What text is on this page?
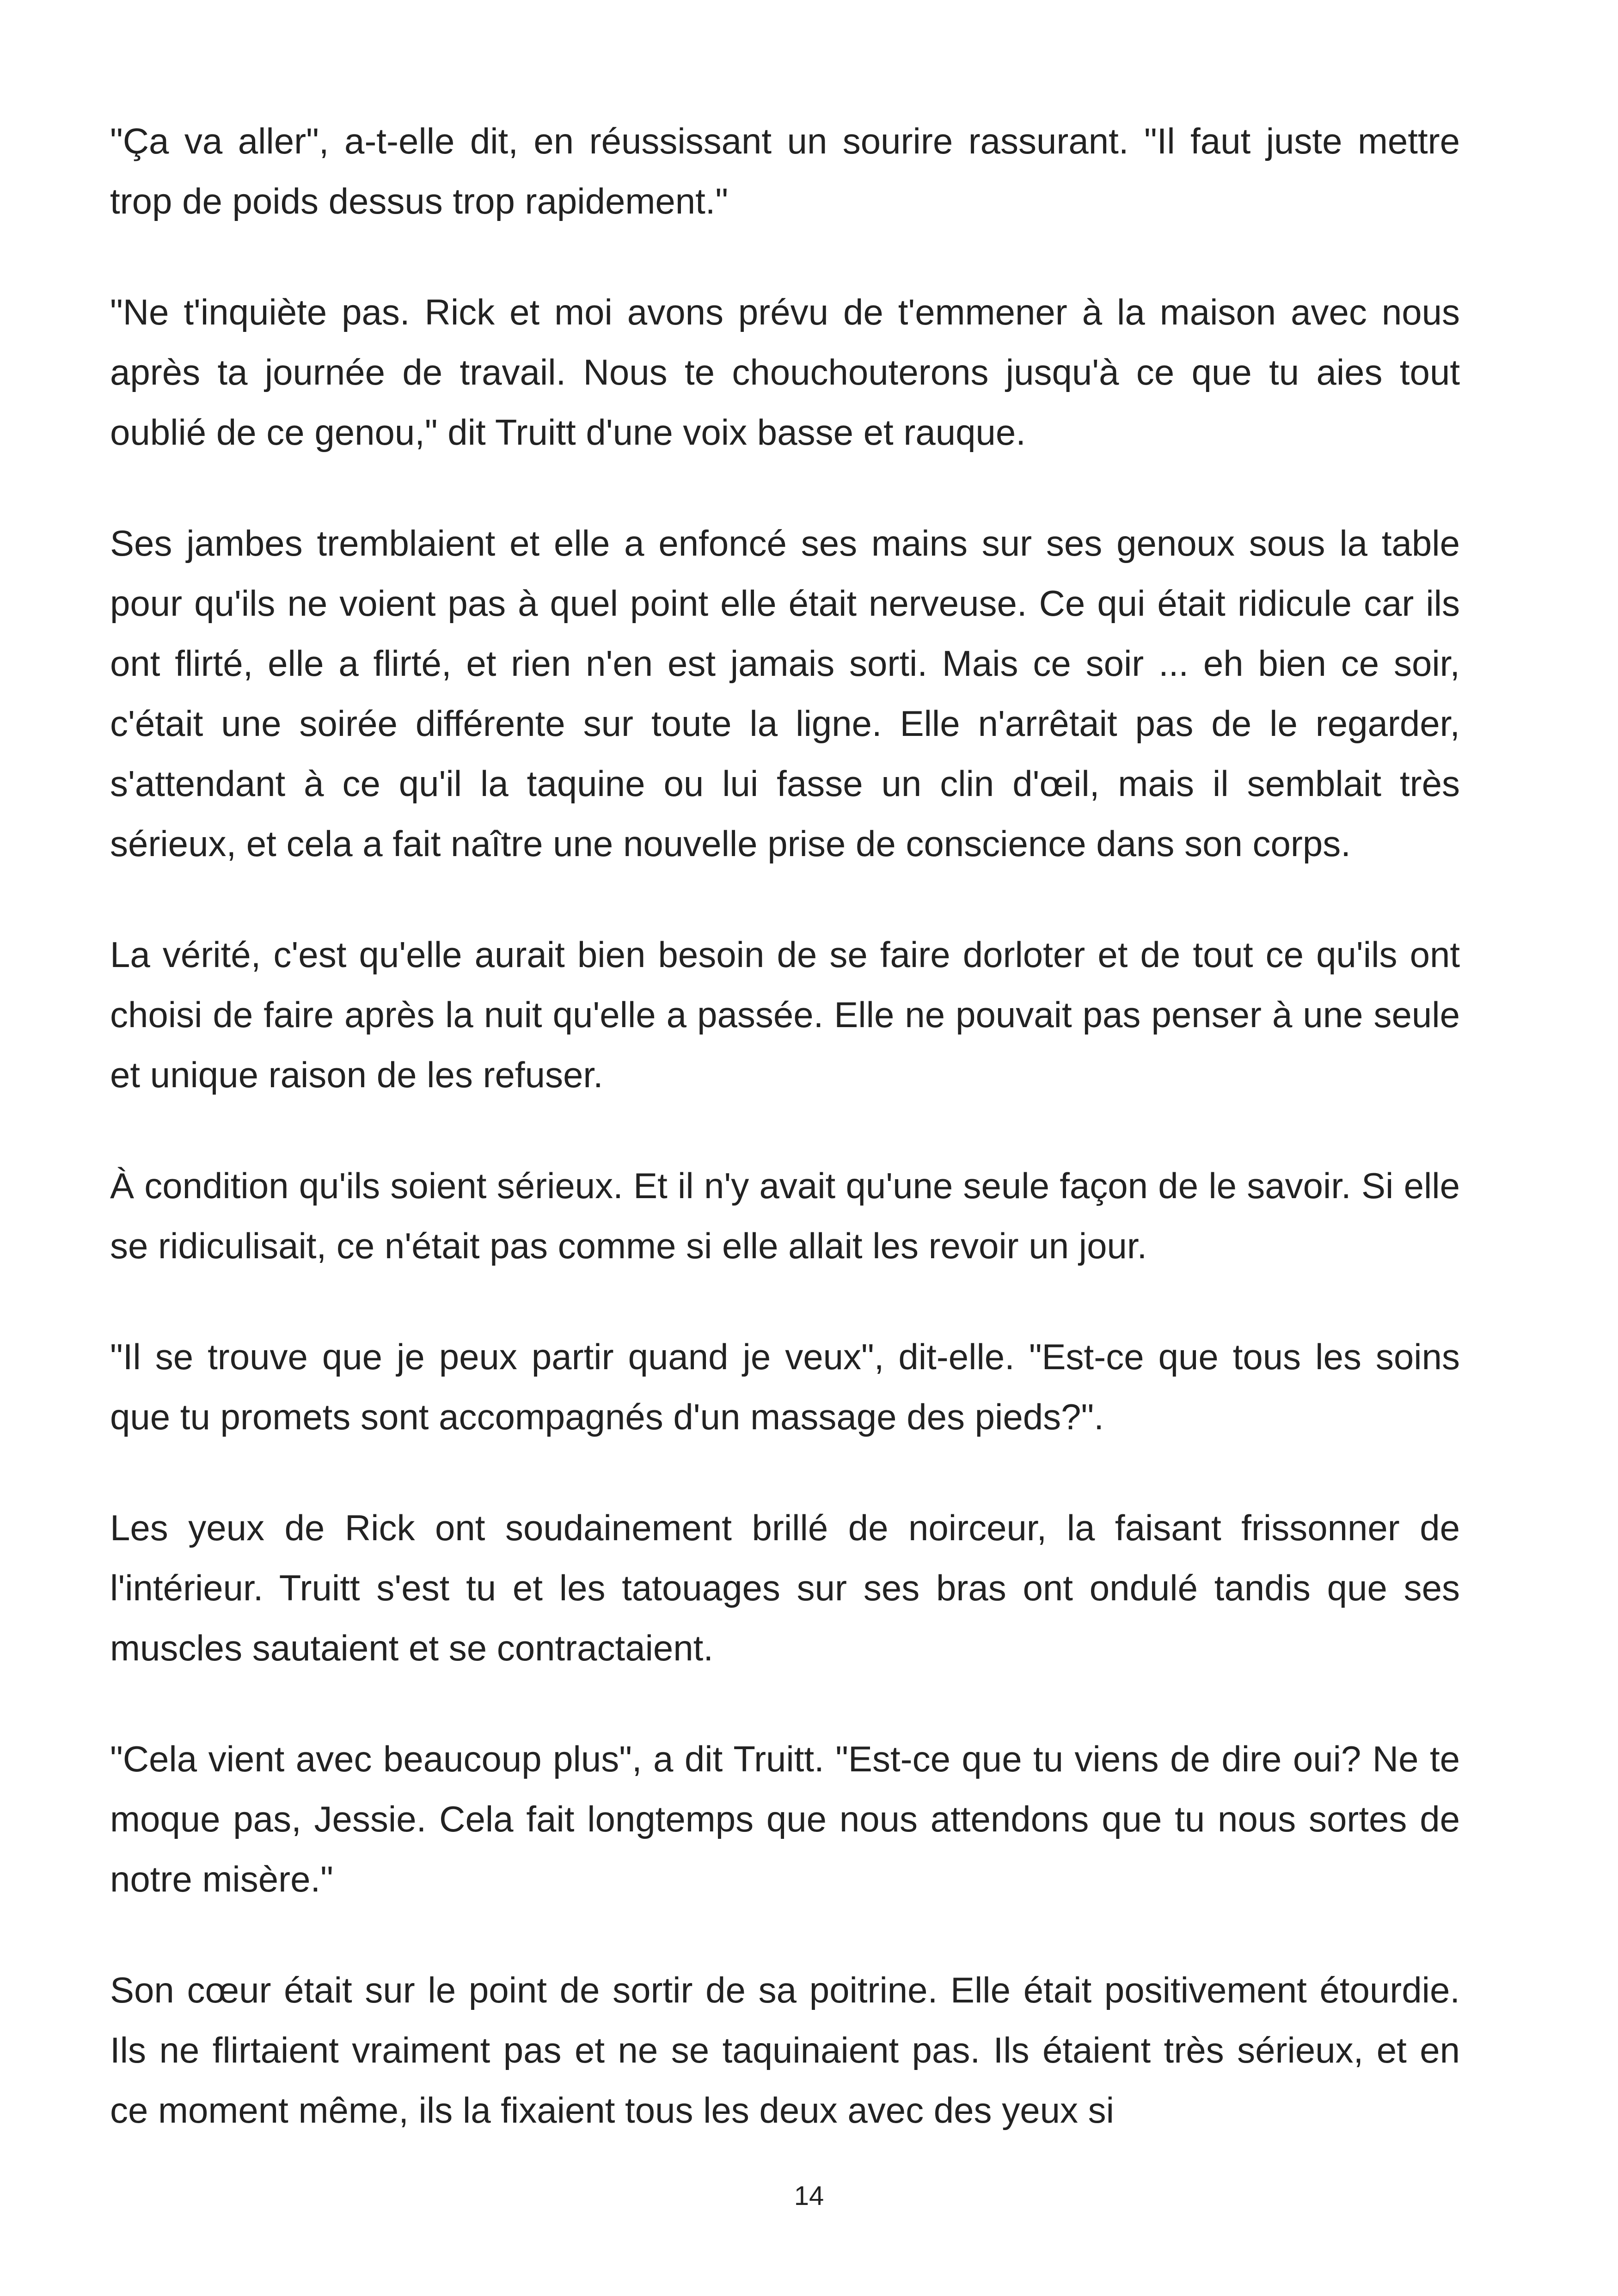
"Ça va aller", a-t-elle dit, en réussissant un sourire rassurant. "Il faut juste mettre trop de poids dessus trop rapidement."

"Ne t'inquiète pas. Rick et moi avons prévu de t'emmener à la maison avec nous après ta journée de travail. Nous te chouchouterons jusqu'à ce que tu aies tout oublié de ce genou," dit Truitt d'une voix basse et rauque.

Ses jambes tremblaient et elle a enfoncé ses mains sur ses genoux sous la table pour qu'ils ne voient pas à quel point elle était nerveuse. Ce qui était ridicule car ils ont flirté, elle a flirté, et rien n'en est jamais sorti. Mais ce soir ... eh bien ce soir, c'était une soirée différente sur toute la ligne. Elle n'arrêtait pas de le regarder, s'attendant à ce qu'il la taquine ou lui fasse un clin d'œil, mais il semblait très sérieux, et cela a fait naître une nouvelle prise de conscience dans son corps.

La vérité, c'est qu'elle aurait bien besoin de se faire dorloter et de tout ce qu'ils ont choisi de faire après la nuit qu'elle a passée. Elle ne pouvait pas penser à une seule et unique raison de les refuser.

À condition qu'ils soient sérieux. Et il n'y avait qu'une seule façon de le savoir. Si elle se ridiculisait, ce n'était pas comme si elle allait les revoir un jour.

"Il se trouve que je peux partir quand je veux", dit-elle. "Est-ce que tous les soins que tu promets sont accompagnés d'un massage des pieds?".

Les yeux de Rick ont soudainement brillé de noirceur, la faisant frissonner de l'intérieur. Truitt s'est tu et les tatouages sur ses bras ont ondulé tandis que ses muscles sautaient et se contractaient.

"Cela vient avec beaucoup plus", a dit Truitt. "Est-ce que tu viens de dire oui? Ne te moque pas, Jessie. Cela fait longtemps que nous attendons que tu nous sortes de notre misère."

Son cœur était sur le point de sortir de sa poitrine. Elle était positivement étourdie. Ils ne flirtaient vraiment pas et ne se taquinaient pas. Ils étaient très sérieux, et en ce moment même, ils la fixaient tous les deux avec des yeux si

14
